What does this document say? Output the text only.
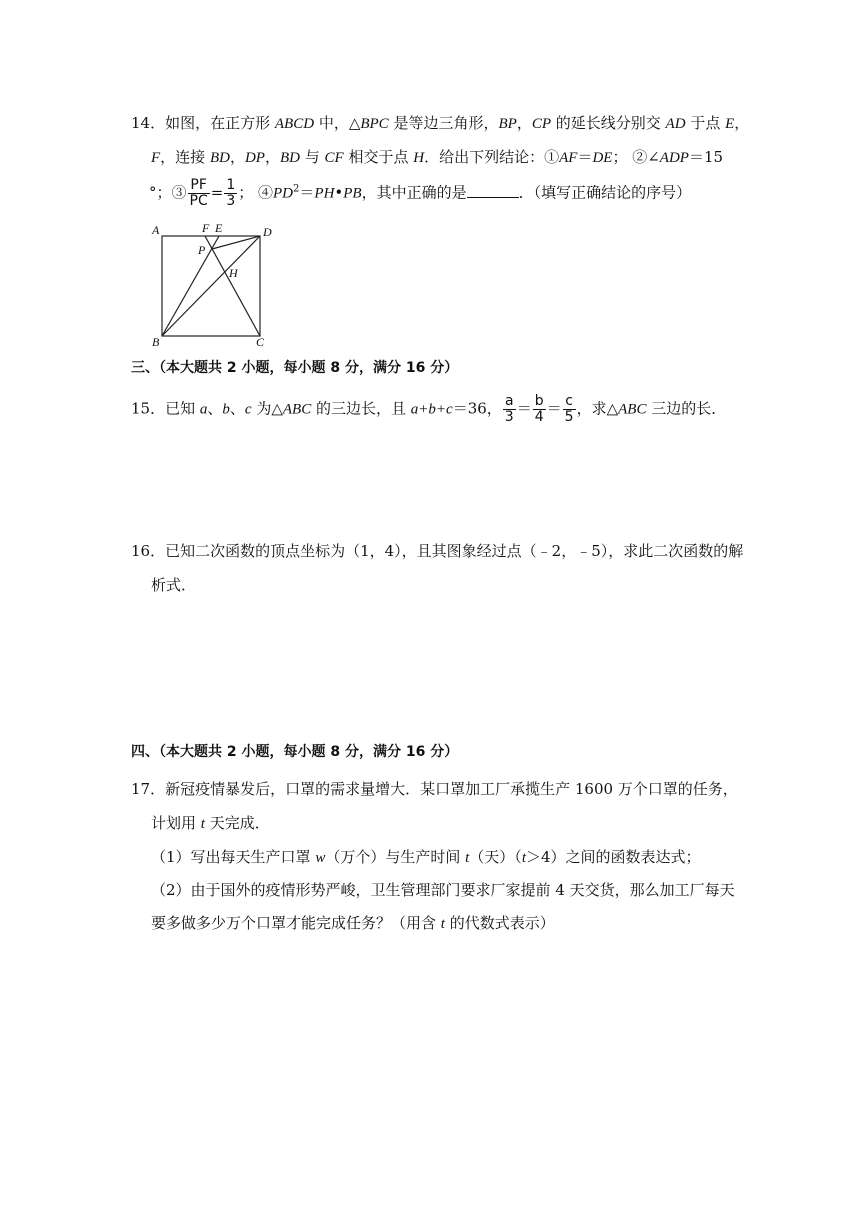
14．如图，在正方形 ABCD 中，△BPC 是等边三角形，BP，CP 的延长线分别交 AD 于点 E，
F，连接 BD，DP，BD 与 CF 相交于点 H．给出下列结论：①AF＝DE； ②∠ADP＝15
°；③ $\frac{PF}{PC} = \frac{1}{3}$ ； $④PD^2=PH•PB$，其中正确的是	．（填写正确结论的序号）
A	F E	D
P
H
B	C
三、（本大题共 2 小题，每小题 8 分，满分 16 分）
15．已知 a、b、c 为△ABC 的三边长，且 a+b+c＝36， $\frac{a}{3} = \frac{b}{4} = \frac{c}{5}$ ，求△ABC 三边的长．
16．已知二次函数的顶点坐标为（1，4），且其图象经过点（﹣2，﹣5），求此二次函数的解
析式．
四、（本大题共 2 小题，每小题 8 分，满分 16 分）
17．新冠疫情暴发后，口罩的需求量增大．某口罩加工厂承揽生产 1600 万个口罩的任务，
计划用 t 天完成．
（1）写出每天生产口罩 w（万个）与生产时间 t（天）（t＞4）之间的函数表达式；
（2）由于国外的疫情形势严峻，卫生管理部门要求厂家提前 4 天交货，那么加工厂每天
要多做多少万个口罩才能完成任务？（用含 t 的代数式表示）
